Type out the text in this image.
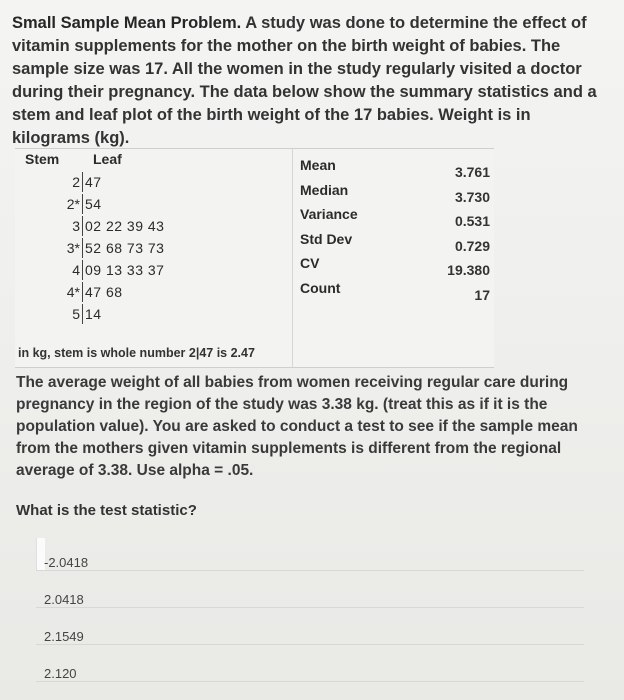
Small Sample Mean Problem. A study was done to determine the effect of vitamin supplements for the mother on the birth weight of babies. The sample size was 17. All the women in the study regularly visited a doctor during their pregnancy. The data below show the summary statistics and a stem and leaf plot of the birth weight of the 17 babies. Weight is in kilograms (kg).
Stem Leaf
2 47
2* 54
3 02 22 39 43
3* 52 68 73 73
4 09 13 33 37
4* 47 68
5 14
Mean	3.761
Median	3.730
Variance	0.531
Std Dev	0.729
CV	19.380
Count	17
in kg, stem is whole number 2|47 is 2.47
The average weight of all babies from women receiving regular care during pregnancy in the region of the study was 3.38 kg. (treat this as if it is the population value). You are asked to conduct a test to see if the sample mean from the mothers given vitamin supplements is different from the regional average of 3.38. Use alpha = .05.
What is the test statistic?
-2.0418
2.0418
2.1549
2.120
